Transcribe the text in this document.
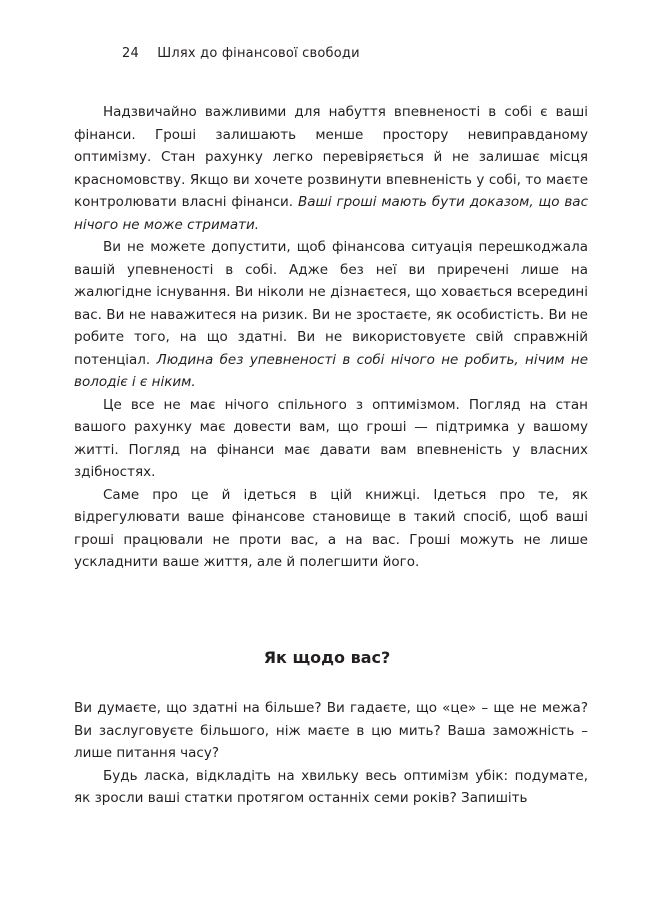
24 Шлях до фінансової свободи

Надзвичайно важливими для набуття впевненості в собі є ваші фінанси. Гроші залишають менше простору невиправданому оптимізму. Стан рахунку легко перевіряється й не залишає місця красномовству. Якщо ви хочете розвинути впевненість у собі, то маєте контролювати власні фінанси. Ваші гроші мають бути доказом, що вас нічого не може стримати.

Ви не можете допустити, щоб фінансова ситуація перешкоджала вашій упевненості в собі. Адже без неї ви приречені лише на жалюгідне існування. Ви ніколи не дізнаєтеся, що ховається всередині вас. Ви не наважитеся на ризик. Ви не зростаєте, як особистість. Ви не робите того, на що здатні. Ви не використовуєте свій справжній потенціал. Людина без упевненості в собі нічого не робить, нічим не володіє і є ніким.

Це все не має нічого спільного з оптимізмом. Погляд на стан вашого рахунку має довести вам, що гроші — підтримка у вашому житті. Погляд на фінанси має давати вам впевненість у власних здібностях.

Саме про це й ідеться в цій книжці. Ідеться про те, як відрегулювати ваше фінансове становище в такий спосіб, щоб ваші гроші працювали не проти вас, а на вас. Гроші можуть не лише ускладнити ваше життя, але й полегшити його.

Як щодо вас?

Ви думаєте, що здатні на більше? Ви гадаєте, що «це» – ще не межа? Ви заслуговуєте більшого, ніж маєте в цю мить? Ваша заможність – лише питання часу?

Будь ласка, відкладіть на хвильку весь оптимізм убік: подумате, як зросли ваші статки протягом останніх семи років? Запишіть
